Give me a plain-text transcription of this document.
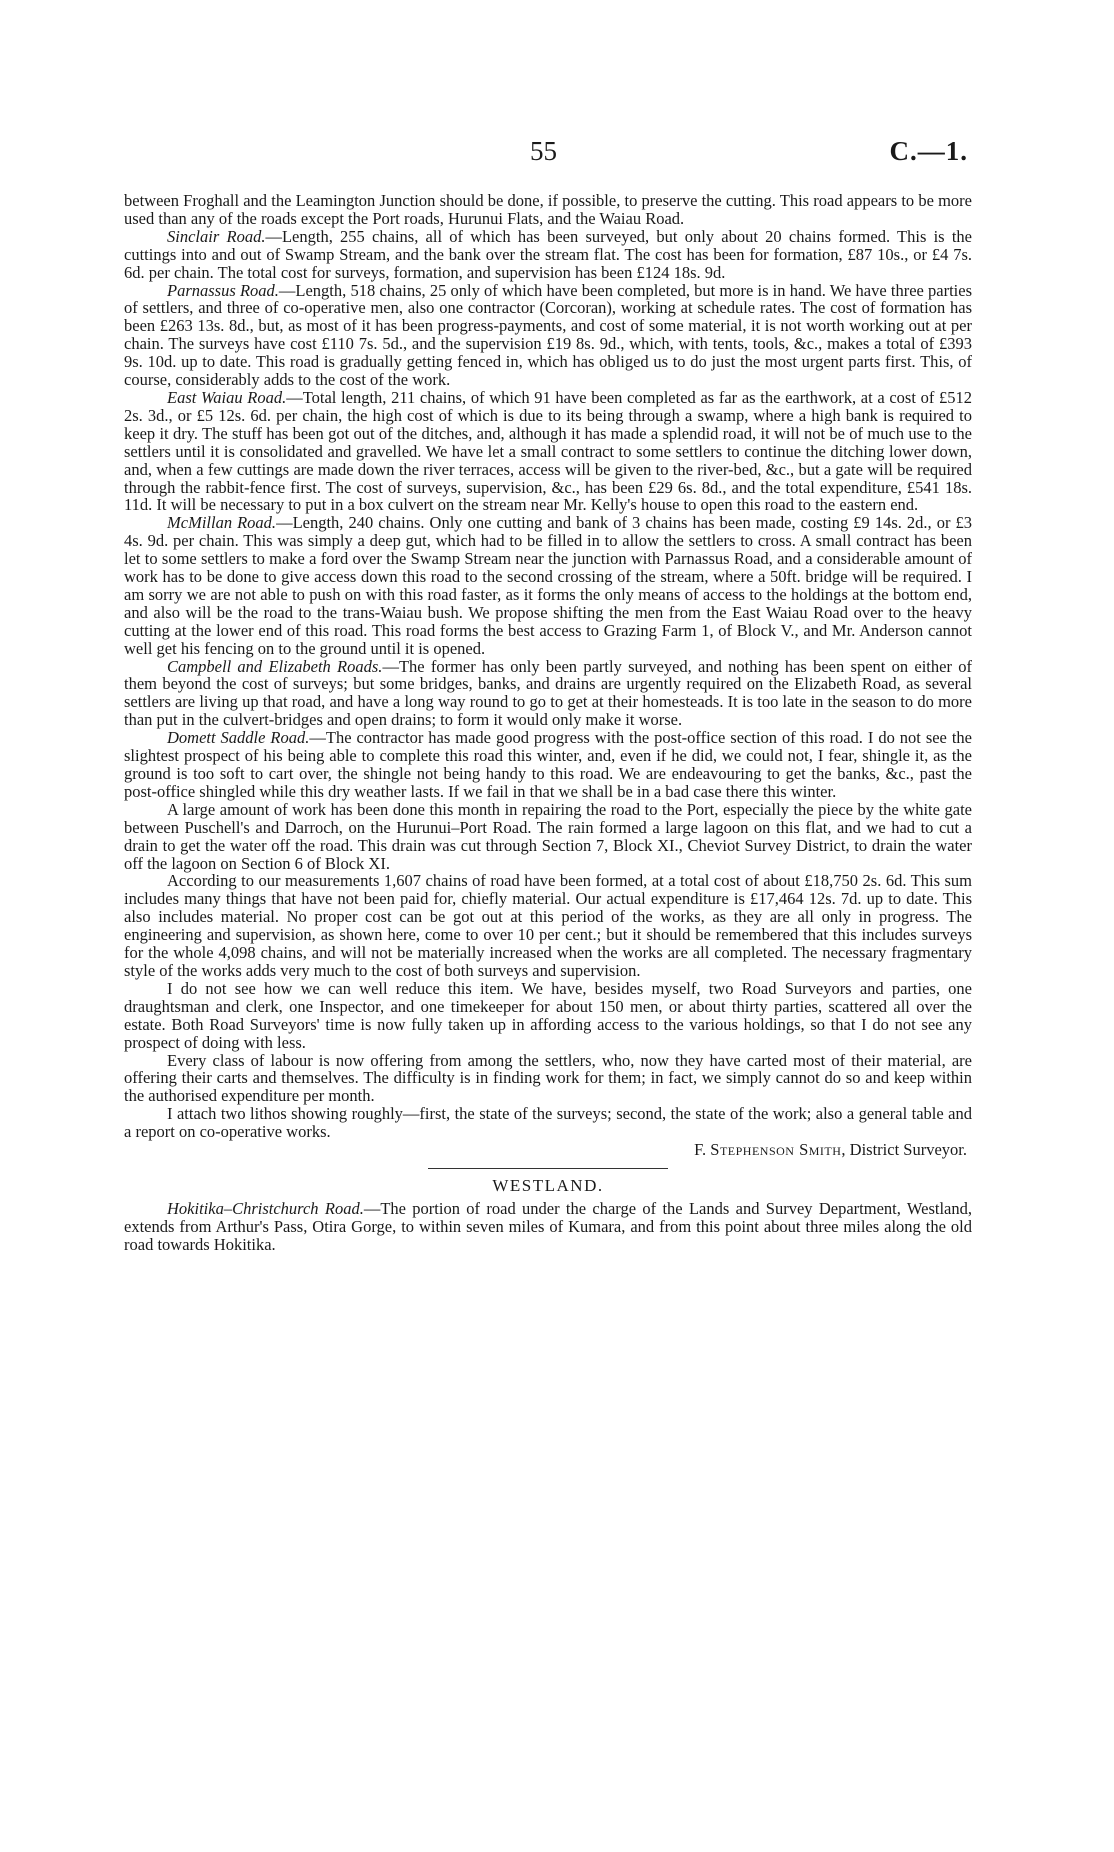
55	C.—1.

between Froghall and the Leamington Junction should be done, if possible, to preserve the cutting. This road appears to be more used than any of the roads except the Port roads, Hurunui Flats, and the Waiau Road.

Sinclair Road.—Length, 255 chains, all of which has been surveyed, but only about 20 chains formed. This is the cuttings into and out of Swamp Stream, and the bank over the stream flat. The cost has been for formation, £87 10s., or £4 7s. 6d. per chain. The total cost for surveys, formation, and supervision has been £124 18s. 9d.

Parnassus Road.—Length, 518 chains, 25 only of which have been completed, but more is in hand. We have three parties of settlers, and three of co-operative men, also one contractor (Corcoran), working at schedule rates. The cost of formation has been £263 13s. 8d., but, as most of it has been progress-payments, and cost of some material, it is not worth working out at per chain. The surveys have cost £110 7s. 5d., and the supervision £19 8s. 9d., which, with tents, tools, &c., makes a total of £393 9s. 10d. up to date. This road is gradually getting fenced in, which has obliged us to do just the most urgent parts first. This, of course, considerably adds to the cost of the work.

East Waiau Road.—Total length, 211 chains, of which 91 have been completed as far as the earthwork, at a cost of £512 2s. 3d., or £5 12s. 6d. per chain, the high cost of which is due to its being through a swamp, where a high bank is required to keep it dry. The stuff has been got out of the ditches, and, although it has made a splendid road, it will not be of much use to the settlers until it is consolidated and gravelled. We have let a small contract to some settlers to continue the ditching lower down, and, when a few cuttings are made down the river terraces, access will be given to the river-bed, &c., but a gate will be required through the rabbit-fence first. The cost of surveys, supervision, &c., has been £29 6s. 8d., and the total expenditure, £541 18s. 11d. It will be necessary to put in a box culvert on the stream near Mr. Kelly's house to open this road to the eastern end.

McMillan Road.—Length, 240 chains. Only one cutting and bank of 3 chains has been made, costing £9 14s. 2d., or £3 4s. 9d. per chain. This was simply a deep gut, which had to be filled in to allow the settlers to cross. A small contract has been let to some settlers to make a ford over the Swamp Stream near the junction with Parnassus Road, and a considerable amount of work has to be done to give access down this road to the second crossing of the stream, where a 50ft. bridge will be required. I am sorry we are not able to push on with this road faster, as it forms the only means of access to the holdings at the bottom end, and also will be the road to the trans-Waiau bush. We propose shifting the men from the East Waiau Road over to the heavy cutting at the lower end of this road. This road forms the best access to Grazing Farm 1, of Block V., and Mr. Anderson cannot well get his fencing on to the ground until it is opened.

Campbell and Elizabeth Roads.—The former has only been partly surveyed, and nothing has been spent on either of them beyond the cost of surveys; but some bridges, banks, and drains are urgently required on the Elizabeth Road, as several settlers are living up that road, and have a long way round to go to get at their homesteads. It is too late in the season to do more than put in the culvert-bridges and open drains; to form it would only make it worse.

Domett Saddle Road.—The contractor has made good progress with the post-office section of this road. I do not see the slightest prospect of his being able to complete this road this winter, and, even if he did, we could not, I fear, shingle it, as the ground is too soft to cart over, the shingle not being handy to this road. We are endeavouring to get the banks, &c., past the post-office shingled while this dry weather lasts. If we fail in that we shall be in a bad case there this winter.

A large amount of work has been done this month in repairing the road to the Port, especially the piece by the white gate between Puschell's and Darroch, on the Hurunui–Port Road. The rain formed a large lagoon on this flat, and we had to cut a drain to get the water off the road. This drain was cut through Section 7, Block XI., Cheviot Survey District, to drain the water off the lagoon on Section 6 of Block XI.

According to our measurements 1,607 chains of road have been formed, at a total cost of about £18,750 2s. 6d. This sum includes many things that have not been paid for, chiefly material. Our actual expenditure is £17,464 12s. 7d. up to date. This also includes material. No proper cost can be got out at this period of the works, as they are all only in progress. The engineering and supervision, as shown here, come to over 10 per cent.; but it should be remembered that this includes surveys for the whole 4,098 chains, and will not be materially increased when the works are all completed. The necessary fragmentary style of the works adds very much to the cost of both surveys and supervision.

I do not see how we can well reduce this item. We have, besides myself, two Road Surveyors and parties, one draughtsman and clerk, one Inspector, and one timekeeper for about 150 men, or about thirty parties, scattered all over the estate. Both Road Surveyors' time is now fully taken up in affording access to the various holdings, so that I do not see any prospect of doing with less.

Every class of labour is now offering from among the settlers, who, now they have carted most of their material, are offering their carts and themselves. The difficulty is in finding work for them; in fact, we simply cannot do so and keep within the authorised expenditure per month.

I attach two lithos showing roughly—first, the state of the surveys; second, the state of the work; also a general table and a report on co-operative works.

F. Stephenson Smith, District Surveyor.

WESTLAND.

Hokitika–Christchurch Road.—The portion of road under the charge of the Lands and Survey Department, Westland, extends from Arthur's Pass, Otira Gorge, to within seven miles of Kumara, and from this point about three miles along the old road towards Hokitika.
